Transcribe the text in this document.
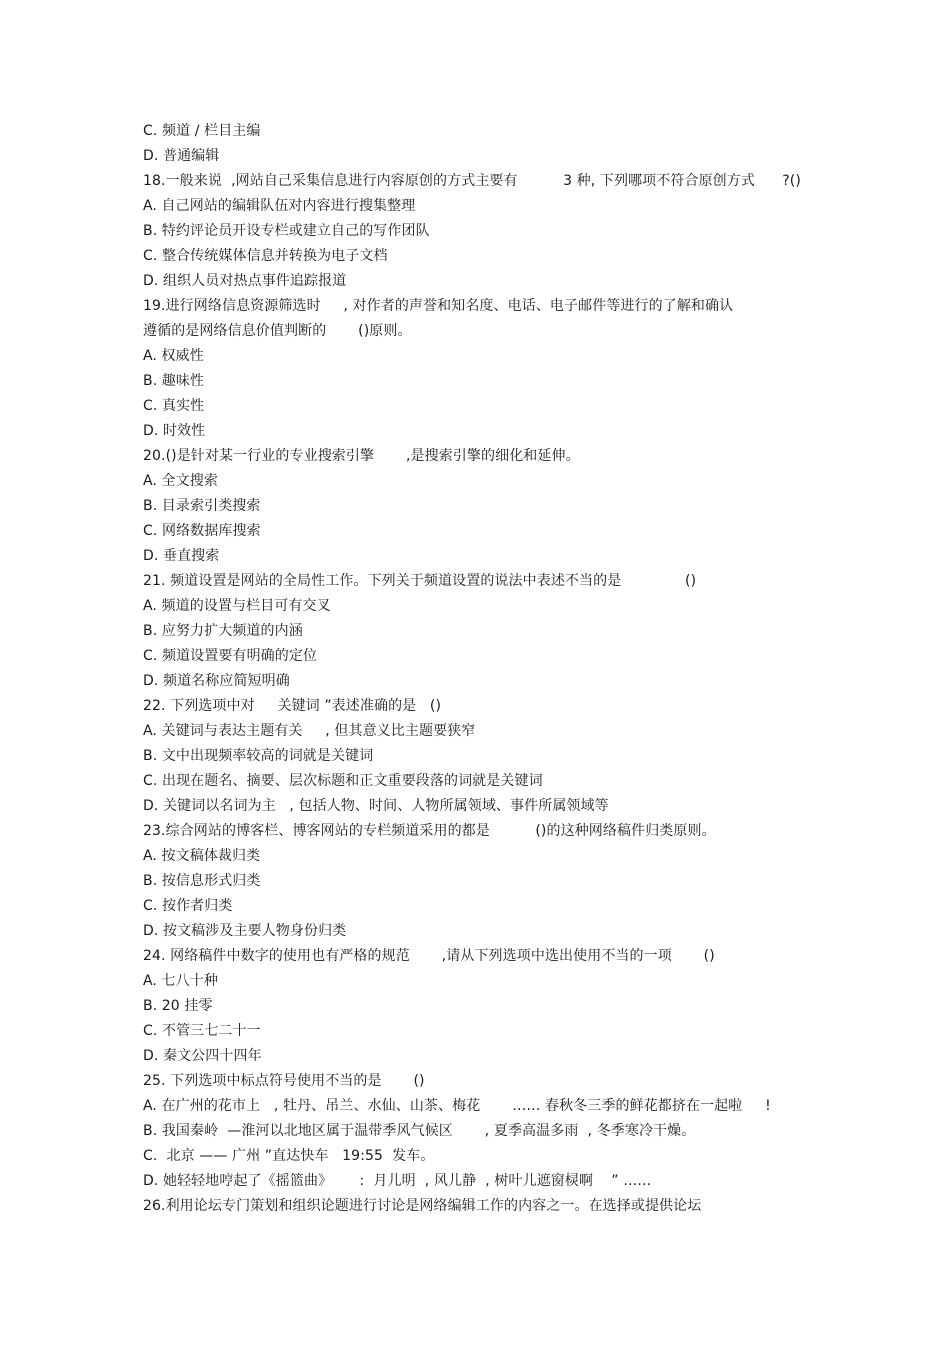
C. 频道 / 栏目主编
D. 普通编辑
18.一般来说  ,网站自己采集信息进行内容原创的方式主要有          3 种, 下列哪项不符合原创方式      ?()
A. 自己网站的编辑队伍对内容进行搜集整理
B. 特约评论员开设专栏或建立自己的写作团队
C. 整合传统媒体信息并转换为电子文档
D. 组织人员对热点事件追踪报道
19.进行网络信息资源筛选时     , 对作者的声誉和知名度、电话、电子邮件等进行的了解和确认
遵循的是网络信息价值判断的       ()原则。
A. 权威性
B. 趣味性
C. 真实性
D. 时效性
20.()是针对某一行业的专业搜索引擎       ,是搜索引擎的细化和延伸。
A. 全文搜索
B. 目录索引类搜索
C. 网络数据库搜索
D. 垂直搜索
21. 频道设置是网站的全局性工作。下列关于频道设置的说法中表述不当的是              ()
A. 频道的设置与栏目可有交叉
B. 应努力扩大频道的内涵
C. 频道设置要有明确的定位
D. 频道名称应简短明确
22. 下列选项中对     关键词 ”表述准确的是   ()
A. 关键词与表达主题有关     , 但其意义比主题要狭窄
B. 文中出现频率较高的词就是关键词
C. 出现在题名、摘要、层次标题和正文重要段落的词就是关键词
D. 关键词以名词为主   , 包括人物、时间、人物所属领域、事件所属领域等
23.综合网站的博客栏、博客网站的专栏频道采用的都是          ()的这种网络稿件归类原则。
A. 按文稿体裁归类
B. 按信息形式归类
C. 按作者归类
D. 按文稿涉及主要人物身份归类
24. 网络稿件中数字的使用也有严格的规范       ,请从下列选项中选出使用不当的一项       ()
A. 七八十种
B. 20 挂零
C. 不管三七二十一
D. 秦文公四十四年
25. 下列选项中标点符号使用不当的是       ()
A. 在广州的花市上   , 牡丹、吊兰、水仙、山茶、梅花       …… 春秋冬三季的鲜花都挤在一起啦     !
B. 我国秦岭  —淮河以北地区属于温带季风气候区       , 夏季高温多雨  , 冬季寒冷干燥。
C.  北京 —— 广州 ”直达快车   19:55  发车。
D. 她轻轻地哼起了《摇篮曲》      :  月儿明  , 风儿静  , 树叶儿遮窗棂啊    ” ……
26.利用论坛专门策划和组织论题进行讨论是网络编辑工作的内容之一。在选择或提供论坛
